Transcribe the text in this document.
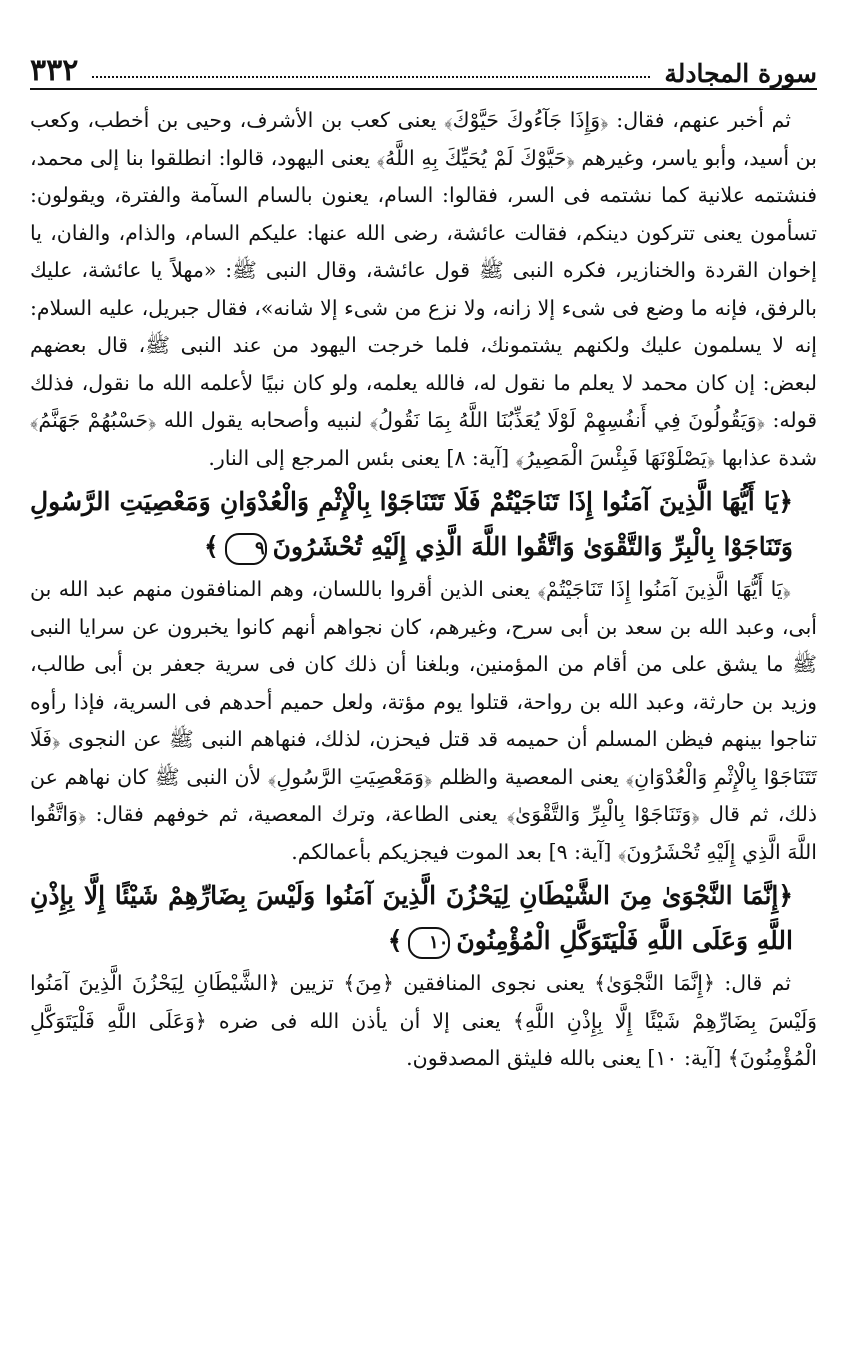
سورة المجادلة
٣٣٢

ثم أخبر عنهم، فقال: ﴿وَإِذَا جَآءُوكَ حَيَّوْكَ﴾ يعنى كعب بن الأشرف، وحيى بن أخطب، وكعب بن أسيد، وأبو ياسر، وغيرهم ﴿حَيَّوْكَ لَمْ يُحَيِّكَ بِهِ اللَّهُ﴾ يعنى اليهود، قالوا: انطلقوا بنا إلى محمد، فنشتمه علانية كما نشتمه فى السر، فقالوا: السام، يعنون بالسام السآمة والفترة، ويقولون: تسأمون يعنى تتركون دينكم، فقالت عائشة، رضى الله عنها: عليكم السام، والذام، والفان، يا إخوان القردة والخنازير، فكره النبى ﷺ قول عائشة، وقال النبى ﷺ: «مهلاً يا عائشة، عليك بالرفق، فإنه ما وضع فى شىء إلا زانه، ولا نزع من شىء إلا شانه»، فقال جبريل، عليه السلام: إنه لا يسلمون عليك ولكنهم يشتمونك، فلما خرجت اليهود من عند النبى ﷺ، قال بعضهم لبعض: إن كان محمد لا يعلم ما نقول له، فالله يعلمه، ولو كان نبيًا لأعلمه الله ما نقول، فذلك قوله: ﴿وَيَقُولُونَ فِي أَنفُسِهِمْ لَوْلَا يُعَذِّبُنَا اللَّهُ بِمَا نَقُولُ﴾ لنبيه وأصحابه يقول الله ﴿حَسْبُهُمْ جَهَنَّمُ﴾ شدة عذابها ﴿يَصْلَوْنَهَا فَبِئْسَ الْمَصِيرُ﴾ [آية: ٨] يعنى بئس المرجع إلى النار.

﴿يَا أَيُّهَا الَّذِينَ آمَنُوا إِذَا تَنَاجَيْتُمْ فَلَا تَتَنَاجَوْا بِالْإِثْمِ وَالْعُدْوَانِ وَمَعْصِيَتِ الرَّسُولِ وَتَنَاجَوْا بِالْبِرِّ وَالتَّقْوَىٰ وَاتَّقُوا اللَّهَ الَّذِي إِلَيْهِ تُحْشَرُونَ٩﴾

﴿يَا أَيُّهَا الَّذِينَ آمَنُوا إِذَا تَنَاجَيْتُمْ﴾ يعنى الذين أقروا باللسان، وهم المنافقون منهم عبد الله بن أبى، وعبد الله بن سعد بن أبى سرح، وغيرهم، كان نجواهم أنهم كانوا يخبرون عن سرايا النبى ﷺ ما يشق على من أقام من المؤمنين، وبلغنا أن ذلك كان فى سرية جعفر بن أبى طالب، وزيد بن حارثة، وعبد الله بن رواحة، قتلوا يوم مؤتة، ولعل حميم أحدهم فى السرية، فإذا رأوه تناجوا بينهم فيظن المسلم أن حميمه قد قتل فيحزن، لذلك، فنهاهم النبى ﷺ عن النجوى ﴿فَلَا تَتَنَاجَوْا بِالْإِثْمِ وَالْعُدْوَانِ﴾ يعنى المعصية والظلم ﴿وَمَعْصِيَتِ الرَّسُولِ﴾ لأن النبى ﷺ كان نهاهم عن ذلك، ثم قال ﴿وَتَنَاجَوْا بِالْبِرِّ وَالتَّقْوَىٰ﴾ يعنى الطاعة، وترك المعصية، ثم خوفهم فقال: ﴿وَاتَّقُوا اللَّهَ الَّذِي إِلَيْهِ تُحْشَرُونَ﴾ [آية: ٩] بعد الموت فيجزيكم بأعمالكم.

﴿إِنَّمَا النَّجْوَىٰ مِنَ الشَّيْطَانِ لِيَحْزُنَ الَّذِينَ آمَنُوا وَلَيْسَ بِضَارِّهِمْ شَيْئًا إِلَّا بِإِذْنِ اللَّهِ وَعَلَى اللَّهِ فَلْيَتَوَكَّلِ الْمُؤْمِنُونَ١٠﴾

ثم قال: ﴿إِنَّمَا النَّجْوَىٰ﴾ يعنى نجوى المنافقين ﴿مِنَ﴾ تزيين ﴿الشَّيْطَانِ لِيَحْزُنَ الَّذِينَ آمَنُوا وَلَيْسَ بِضَارِّهِمْ شَيْئًا إِلَّا بِإِذْنِ اللَّهِ﴾ يعنى إلا أن يأذن الله فى ضره ﴿وَعَلَى اللَّهِ فَلْيَتَوَكَّلِ الْمُؤْمِنُونَ﴾ [آية: ١٠] يعنى بالله فليثق المصدقون.
